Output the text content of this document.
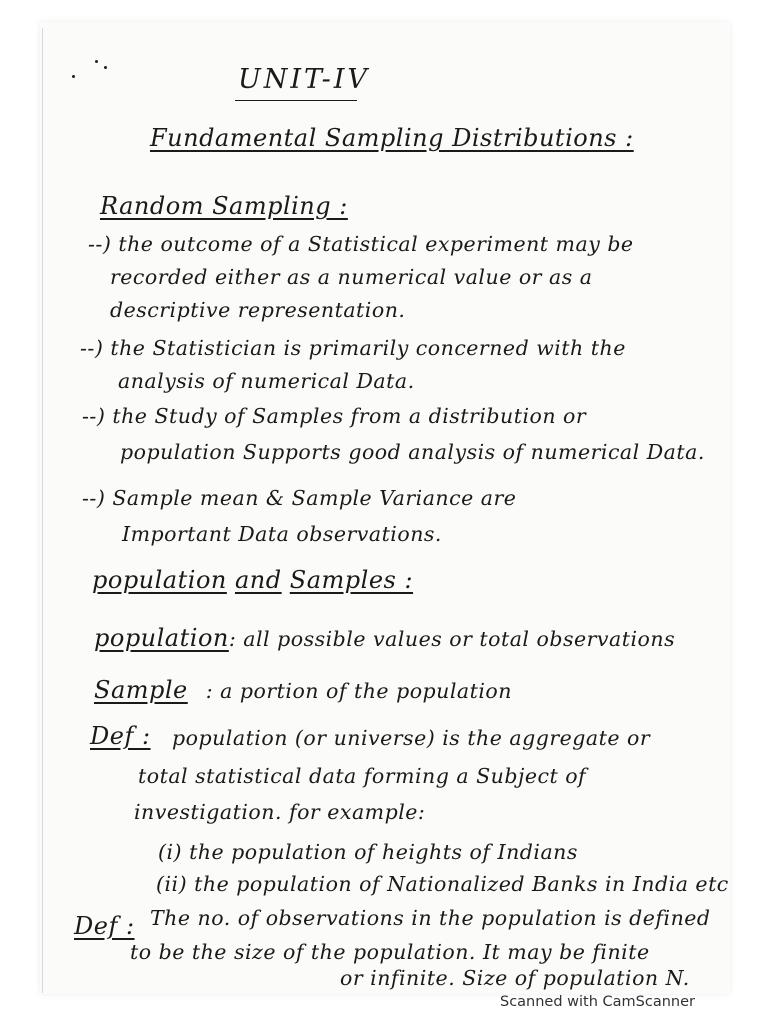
UNIT-IV
Fundamental Sampling Distributions :
Random Sampling :
--) the outcome of a Statistical experiment may be
recorded either as a numerical value or as a
descriptive representation.
--) the Statistician is primarily concerned with the
analysis of numerical Data.
--) the Study of Samples from a distribution or
population Supports good analysis of numerical Data.
--) Sample mean & Sample Variance are
Important Data observations.
population and Samples :
population: all possible values or total observations
Sample : a portion of the population
Def : population (or universe) is the aggregate or
total statistical data forming a Subject of
investigation. for example:
(i) the population of heights of Indians
(ii) the population of Nationalized Banks in India etc
Def : The no. of observations in the population is defined
to be the size of the population. It may be finite
or infinite. Size of population N.
Scanned with CamScanner
